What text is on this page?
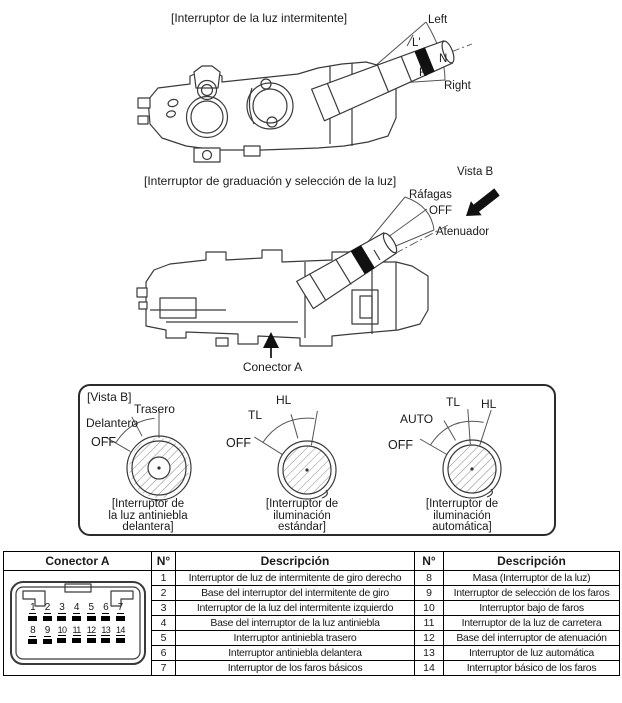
[Interruptor de la luz intermitente]	Left
L'
N
R'
Right
[Interruptor de graduación y selección de la luz]
Vista B
Ráfagas
OFF
Atenuador
Conector A
[Vista B]
Trasero
Delantero
OFF
HL
TL
OFF
TL HL
AUTO
OFF
[Interruptor de
la luz antiniebla
delantera]
[Interruptor de
iluminación
estándar]
[Interruptor de
iluminación
automática]
Conector A	N°	Descripción	N°	Descripción

1 2 3 4 5 6 7
8 9 10 11 12 13 14
	1	Interruptor de luz de intermitente de giro derecho	8	Masa (Interruptor de la luz)
	2	Base del interruptor del intermitente de giro	9	Interruptor de selección de los faros
	3	Interruptor de la luz del intermitente izquierdo	10	Interruptor bajo de faros
	4	Base del interruptor de la luz antiniebla	11	Interruptor de la luz de carretera
	5	Interruptor antiniebla trasero	12	Base del interruptor de atenuación
	6	Interruptor antiniebla delantera	13	Interruptor de luz automática
	7	Interruptor de los faros básicos	14	Interruptor básico de los faros
